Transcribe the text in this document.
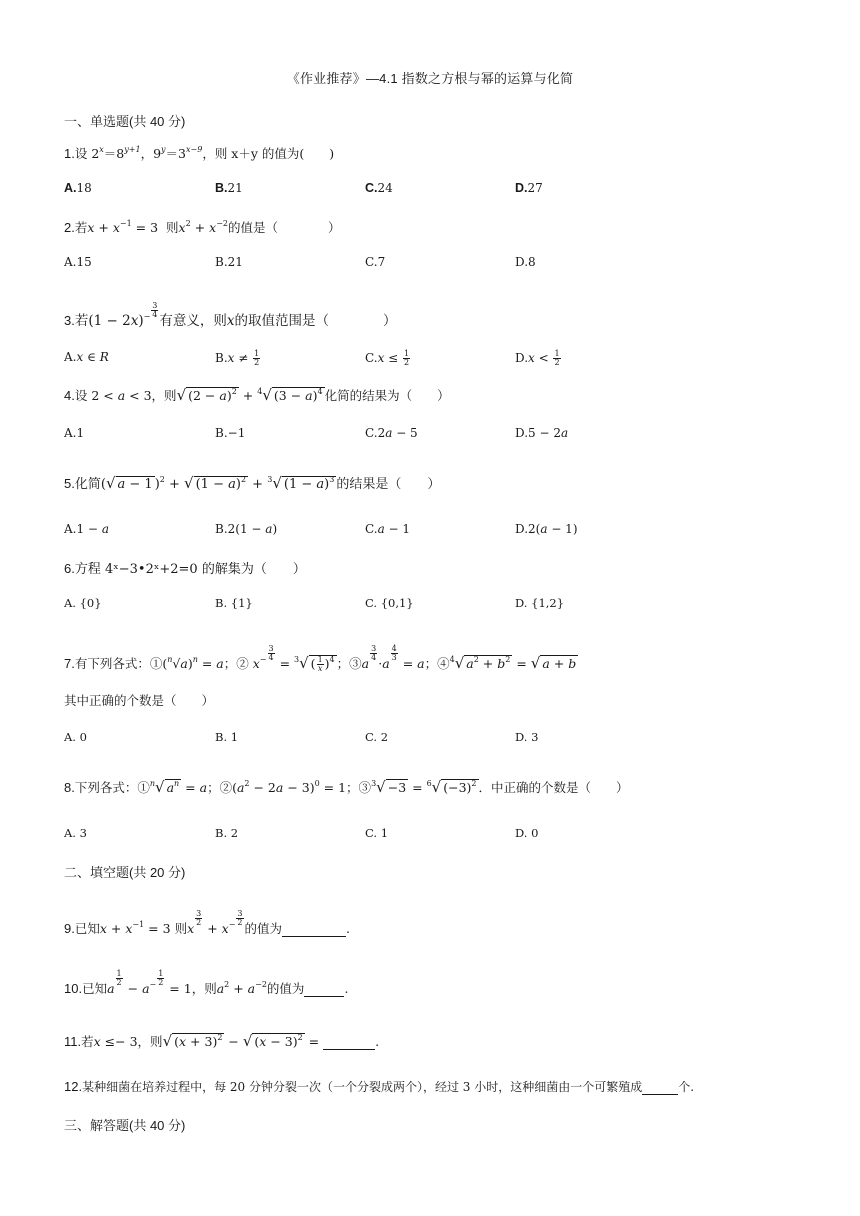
《作业推荐》—4.1 指数之方根与幂的运算与化简
一、单选题(共 40 分)
1.设 $2^x=8^{y+1}$，$9^y=3^{x-9}$，则 x＋y 的值为(　　)
A.18	B.21	C.24	D.27
2.若$x + x^{-1} = 3$  则$x^2 + x^{-2}$的值是（　　　　）
A.15	B.21	C.7	D.8
3.若$(1 - 2x)^{- \frac{3}{4}}$
有意义，则x的取值范围是（　　　　）
A.x ∈ R	$B.x \ne \frac{1}{2}$	$C.x \le \frac{1}{2}$	$D.x < \frac{1}{2}$
4.设 2 < a < 3，则√ $(2 - a)^2 + ^4√$ $(3 - a)^4$ 化简的结果为（　　）
A.1	B.−1	C.2a − 5	D.5 − 2a
5.化简(√ a − 1 )$^2$ + √ $(1 - a)^2 + ^3√$ $(1 - a)^3$ 的结果是（　　）
A.1 − a	B.2(1 − a)	C.a − 1	D.2(a − 1)
6.方程 4ˣ−3•2ˣ+2=0 的解集为（　　）
A. {0}	B. {1}	C. {0,1}	D. {1,2}
7.有下列各式：$①(^n√a)^n = a$；② $x^{- \frac{3}{4}}$
= $^3$√ ( $\frac{1}{x} )^4$ ；③a
$^{\frac{3}{4}}$
·a
$^{\frac{4}{3}}$
= a；④$^4$√ $a^2 + b^2$ = √ a + b
其中正确的个数是（　　）
A. 0	B. 1	C. 2	D. 3
8.下列各式：①$^n$√ $a^n = a$；$②(a^2 - 2a - 3)^0 = 1$；③$^3$√ −3 = $^6$√ $(-3)^2$ ．中正确的个数是（　　）
A. 3	B. 2	C. 1	D. 0
二、填空题(共 20 分)
9.已知$x + x^{-1} = 3$ 则x
$^{\frac{3}{2}}$
+ $x^{- \frac{3}{2}}$
的值为	.
10.已知a
$^{\frac{1}{2}}$
− $a^{- \frac{1}{2}}$
= 1，则$a^2 + a^{-2}$的值为	.
11.若x ≤− 3，则√ $(x + 3)^2$ − √ $(x - 3)^2$ =	.
12.某种细菌在培养过程中，每 20 分钟分裂一次（一个分裂成两个），经过 3 小时，这种细菌由一个可繁殖成	个.
三、解答题(共 40 分)
